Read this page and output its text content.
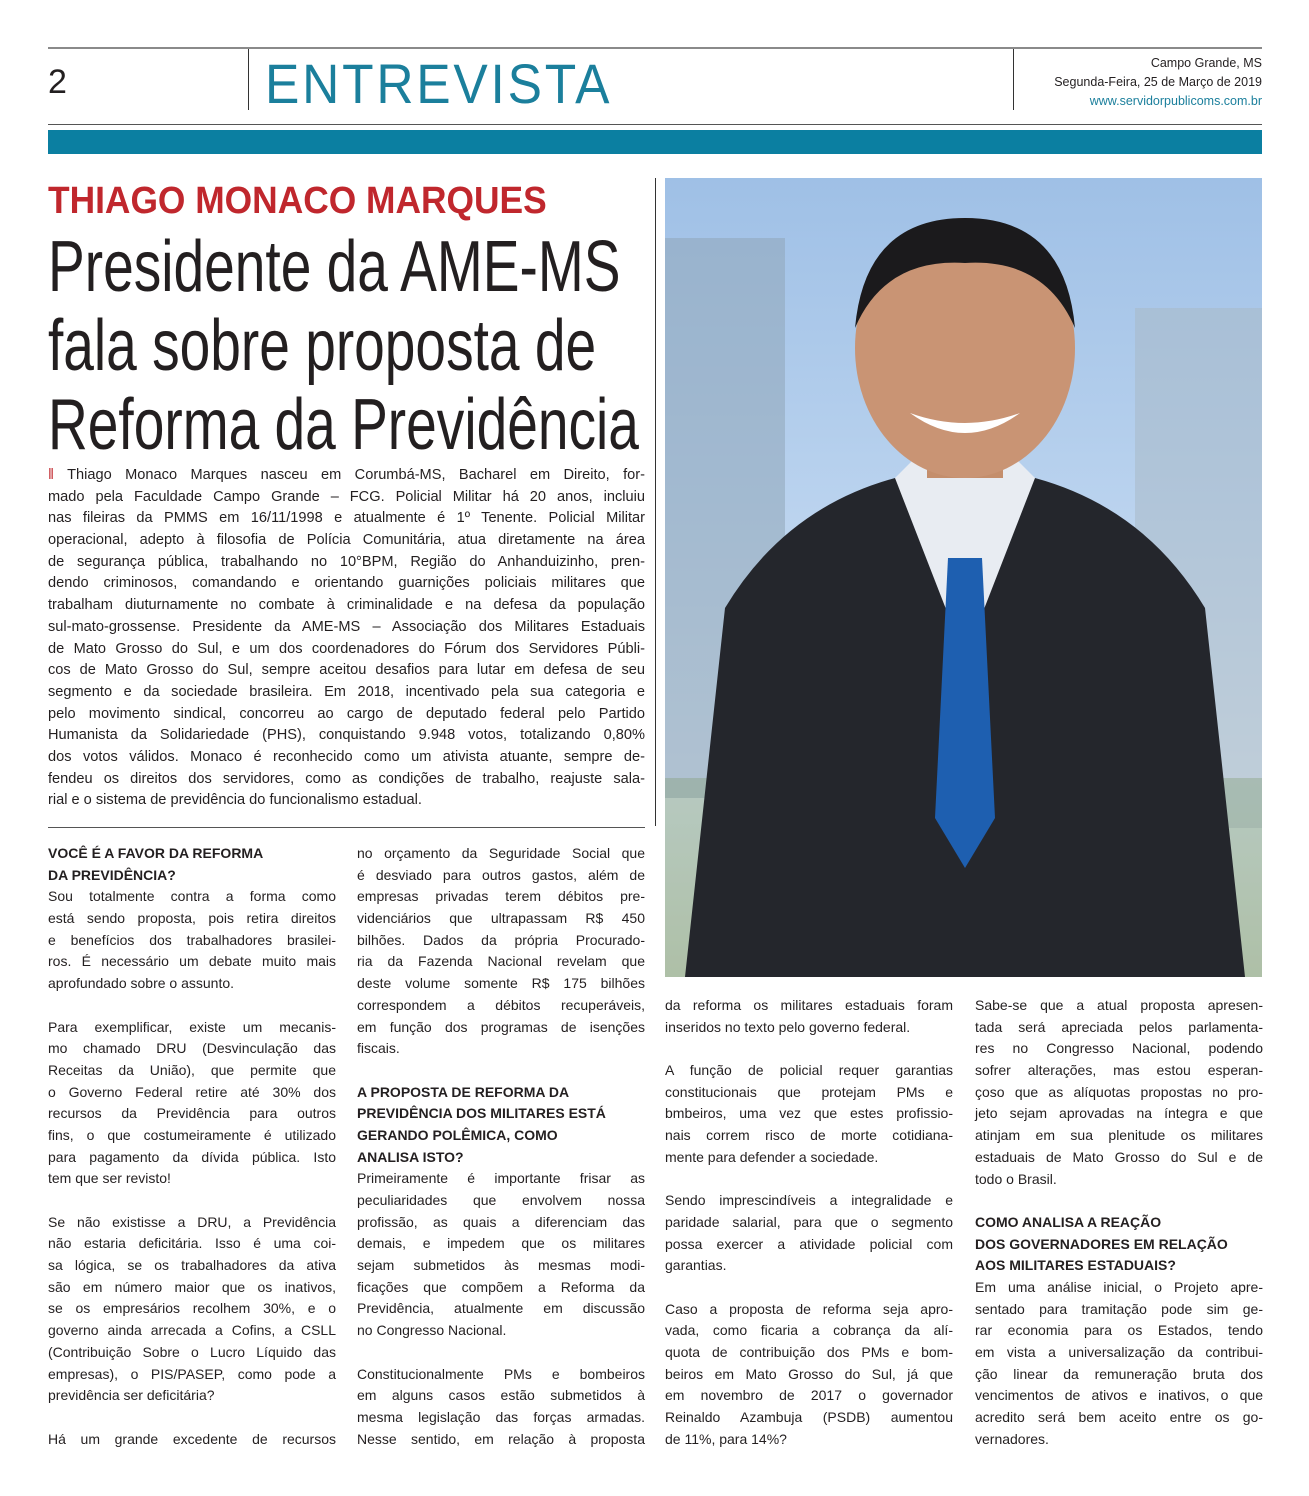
2	ENTREVISTA	Campo Grande, MS
Segunda-Feira, 25 de Março de 2019
www.servidorpublicoms.com.br
THIAGO MONACO MARQUES
Presidente da AME-MS
fala sobre proposta de
Reforma da Previdência
‖ Thiago Monaco Marques nasceu em Corumbá-MS, Bacharel em Direito, for-
mado pela Faculdade Campo Grande – FCG. Policial Militar há 20 anos, incluiu
nas fileiras da PMMS em 16/11/1998 e atualmente é 1º Tenente. Policial Militar
operacional, adepto à filosofia de Polícia Comunitária, atua diretamente na área
de segurança pública, trabalhando no 10°BPM, Região do Anhanduizinho, pren-
dendo criminosos, comandando e orientando guarnições policiais militares que
trabalham diuturnamente no combate à criminalidade e na defesa da população
sul-mato-grossense. Presidente da AME-MS – Associação dos Militares Estaduais
de Mato Grosso do Sul, e um dos coordenadores do Fórum dos Servidores Públi-
cos de Mato Grosso do Sul, sempre aceitou desafios para lutar em defesa de seu
segmento e da sociedade brasileira. Em 2018, incentivado pela sua categoria e
pelo movimento sindical, concorreu ao cargo de deputado federal pelo Partido
Humanista da Solidariedade (PHS), conquistando 9.948 votos, totalizando 0,80%
dos votos válidos. Monaco é reconhecido como um ativista atuante, sempre de-
fendeu os direitos dos servidores, como as condições de trabalho, reajuste sala-
rial e o sistema de previdência do funcionalismo estadual.
VOCÊ É A FAVOR DA REFORMA
DA PREVIDÊNCIA?
Sou totalmente contra a forma como
está sendo proposta, pois retira direitos
e benefícios dos trabalhadores brasilei-
ros. É necessário um debate muito mais
aprofundado sobre o assunto.
Para exemplificar, existe um mecanis-
mo chamado DRU (Desvinculação das
Receitas da União), que permite que
o Governo Federal retire até 30% dos
recursos da Previdência para outros
fins, o que costumeiramente é utilizado
para pagamento da dívida pública. Isto
tem que ser revisto!
Se não existisse a DRU, a Previdência
não estaria deficitária. Isso é uma coi-
sa lógica, se os trabalhadores da ativa
são em número maior que os inativos,
se os empresários recolhem 30%, e o
governo ainda arrecada a Cofins, a CSLL
(Contribuição Sobre o Lucro Líquido das
empresas), o PIS/PASEP, como pode a
previdência ser deficitária?
Há um grande excedente de recursos
no orçamento da Seguridade Social que
é desviado para outros gastos, além de
empresas privadas terem débitos pre-
videnciários que ultrapassam R$ 450
bilhões. Dados da própria Procurado-
ria da Fazenda Nacional revelam que
deste volume somente R$ 175 bilhões
correspondem a débitos recuperáveis,
em função dos programas de isenções
fiscais.
A PROPOSTA DE REFORMA DA
PREVIDÊNCIA DOS MILITARES ESTÁ
GERANDO POLÊMICA, COMO
ANALISA ISTO?
Primeiramente é importante frisar as
peculiaridades que envolvem nossa
profissão, as quais a diferenciam das
demais, e impedem que os militares
sejam submetidos às mesmas modi-
ficações que compõem a Reforma da
Previdência, atualmente em discussão
no Congresso Nacional.
Constitucionalmente PMs e bombeiros
em alguns casos estão submetidos à
mesma legislação das forças armadas.
Nesse sentido, em relação à proposta
da reforma os militares estaduais foram
inseridos no texto pelo governo federal.
A função de policial requer garantias
constitucionais que protejam PMs e
bmbeiros, uma vez que estes profissio-
nais correm risco de morte cotidiana-
mente para defender a sociedade.
Sendo imprescindíveis a integralidade e
paridade salarial, para que o segmento
possa exercer a atividade policial com
garantias.
Caso a proposta de reforma seja apro-
vada, como ficaria a cobrança da alí-
quota de contribuição dos PMs e bom-
beiros em Mato Grosso do Sul, já que
em novembro de 2017 o governador
Reinaldo Azambuja (PSDB) aumentou
de 11%, para 14%?
Sabe-se que a atual proposta apresen-
tada será apreciada pelos parlamenta-
res no Congresso Nacional, podendo
sofrer alterações, mas estou esperan-
çoso que as alíquotas propostas no pro-
jeto sejam aprovadas na íntegra e que
atinjam em sua plenitude os militares
estaduais de Mato Grosso do Sul e de
todo o Brasil.
COMO ANALISA A REAÇÃO
DOS GOVERNADORES EM RELAÇÃO
AOS MILITARES ESTADUAIS?
Em uma análise inicial, o Projeto apre-
sentado para tramitação pode sim ge-
rar economia para os Estados, tendo
em vista a universalização da contribui-
ção linear da remuneração bruta dos
vencimentos de ativos e inativos, o que
acredito será bem aceito entre os go-
vernadores.
